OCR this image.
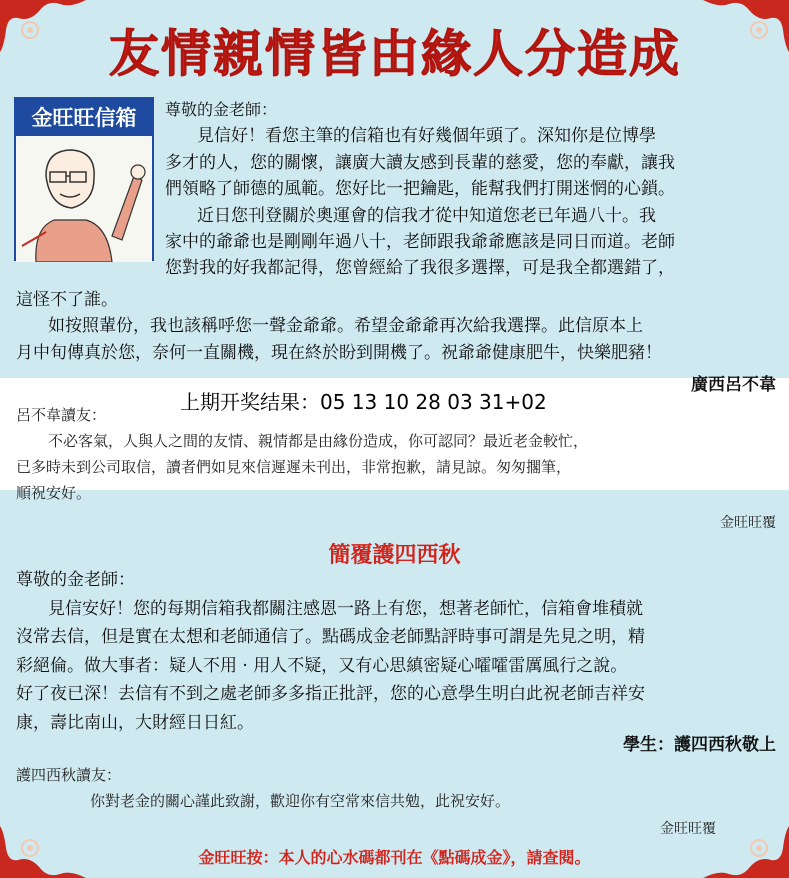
友情親情皆由緣人分造成
金旺旺信箱	尊敬的金老師：
見信好！看您主筆的信箱也有好幾個年頭了。深知你是位博學
多才的人，您的關懷，讓廣大讀友感到長輩的慈愛，您的奉獻，讓我
們領略了師德的風範。您好比一把鑰匙，能幫我們打開迷惘的心鎖。
近日您刊登關於奧運會的信我才從中知道您老已年過八十。我
家中的爺爺也是剛剛年過八十，老師跟我爺爺應該是同日而道。老師
您對我的好我都記得，您曾經給了我很多選擇，可是我全都選錯了，
這怪不了誰。
如按照輩份，我也該稱呼您一聲金爺爺。希望金爺爺再次給我選擇。此信原本上
月中旬傳真於您，奈何一直關機，現在終於盼到開機了。祝爺爺健康肥牛，快樂肥豬！
廣西呂不韋
上期开奖结果：05 13 10 28 03 31+02
呂不韋讀友：
不必客氣，人與人之間的友情、親情都是由緣份造成，你可認同？最近老金較忙，
已多時未到公司取信，讀者們如見來信遲遲未刊出，非常抱歉，請見諒。匆匆擱筆，
順祝安好。
金旺旺覆
簡覆護四西秋
尊敬的金老師：
見信安好！您的每期信箱我都關注感恩一路上有您，想著老師忙，信箱會堆積就
沒常去信，但是實在太想和老師通信了。點碼成金老師點評時事可謂是先見之明，精
彩絕倫。做大事者：疑人不用 · 用人不疑，又有心思縝密疑心嚯嚯雷厲風行之說。
好了夜已深！去信有不到之處老師多多指正批評，您的心意學生明白此祝老師吉祥安
康，壽比南山，大財經日日紅。
學生：護四西秋敬上
護四西秋讀友：
你對老金的關心謹此致謝，歡迎你有空常來信共勉，此祝安好。
金旺旺覆
金旺旺按：本人的心水碼都刊在《點碼成金》，請查閱。
